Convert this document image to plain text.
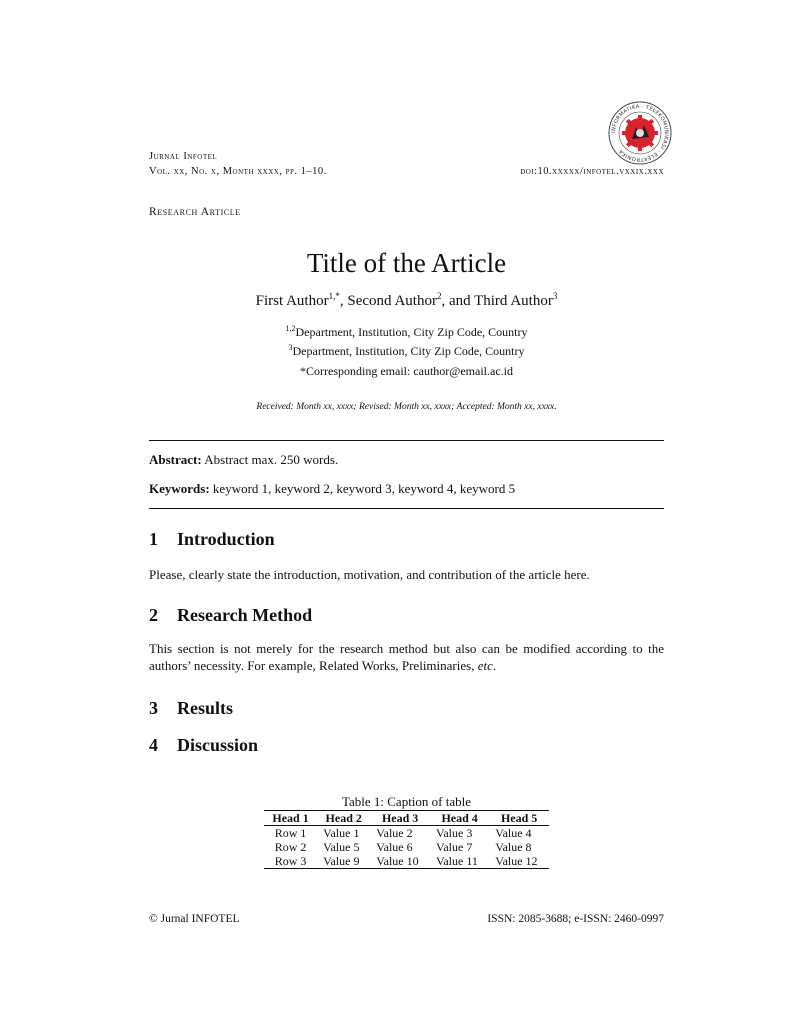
INFORMATIKA · TELEKOMUNIKASI · ELEKTRONIKA
Jurnal Infotel
Vol. xx, No. x, Month xxxx, pp. 1–10.	doi:10.xxxxx/infotel.vxxix.xxx
Research Article
Title of the Article
First Author$^{1,*}$, Second Author$^2$, and Third Author$^3$
$^{1,2}$Department, Institution, City Zip Code, Country
$^3$Department, Institution, City Zip Code, Country
*Corresponding email: cauthor@email.ac.id
Received: Month xx, xxxx; Revised: Month xx, xxxx; Accepted: Month xx, xxxx.
Abstract: Abstract max. 250 words.
Keywords: keyword 1, keyword 2, keyword 3, keyword 4, keyword 5
1 Introduction
Please, clearly state the introduction, motivation, and contribution of the article here.
2 Research Method
This section is not merely for the research method but also can be modified according to the authors’ necessity. For example, Related Works, Preliminaries, etc.
3 Results
4 Discussion
Table 1: Caption of table
Head 1	Head 2	Head 3	Head 4	Head 5
Row 1	Value 1	Value 2	Value 3	Value 4
Row 2	Value 5	Value 6	Value 7	Value 8
Row 3	Value 9	Value 10	Value 11	Value 12
© Jurnal INFOTEL	ISSN: 2085-3688; e-ISSN: 2460-0997
